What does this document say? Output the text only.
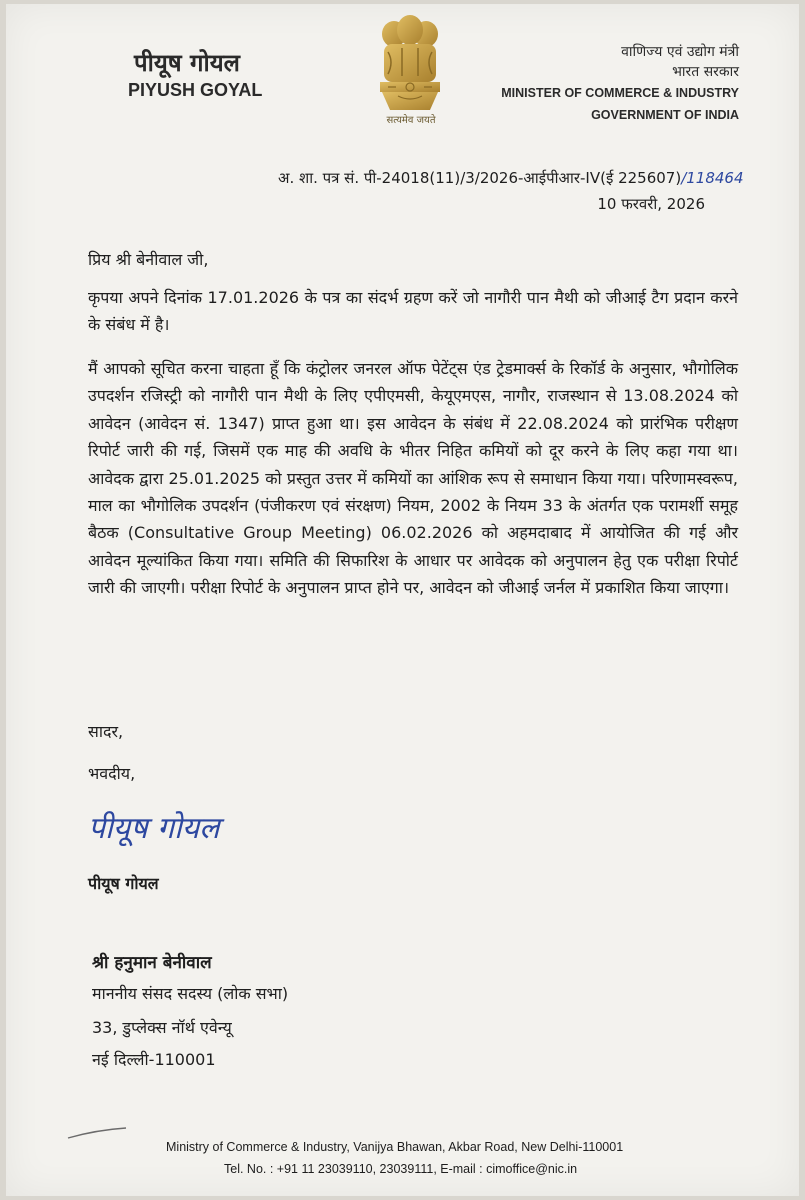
पीयूष गोयल
PIYUSH GOYAL
सत्यमेव जयते
वाणिज्य एवं उद्योग मंत्री
भारत सरकार
MINISTER OF COMMERCE & INDUSTRY
GOVERNMENT OF INDIA
अ. शा. पत्र सं. पी-24018(11)/3/2026-आईपीआर-IV(ई 225607)/118464
10 फरवरी, 2026
प्रिय श्री बेनीवाल जी,
कृपया अपने दिनांक 17.01.2026 के पत्र का संदर्भ ग्रहण करें जो नागौरी पान मैथी को जीआई टैग प्रदान करने के संबंध में है।
मैं आपको सूचित करना चाहता हूँ कि कंट्रोलर जनरल ऑफ पेटेंट्स एंड ट्रेडमार्क्स के रिकॉर्ड के अनुसार, भौगोलिक उपदर्शन रजिस्ट्री को नागौरी पान मैथी के लिए एपीएमसी, केयूएमएस, नागौर, राजस्थान से 13.08.2024 को आवेदन (आवेदन सं. 1347) प्राप्त हुआ था। इस आवेदन के संबंध में 22.08.2024 को प्रारंभिक परीक्षण रिपोर्ट जारी की गई, जिसमें एक माह की अवधि के भीतर निहित कमियों को दूर करने के लिए कहा गया था। आवेदक द्वारा 25.01.2025 को प्रस्तुत उत्तर में कमियों का आंशिक रूप से समाधान किया गया। परिणामस्वरूप, माल का भौगोलिक उपदर्शन (पंजीकरण एवं संरक्षण) नियम, 2002 के नियम 33 के अंतर्गत एक परामर्शी समूह बैठक (Consultative Group Meeting) 06.02.2026 को अहमदाबाद में आयोजित की गई और आवेदन मूल्यांकित किया गया। समिति की सिफारिश के आधार पर आवेदक को अनुपालन हेतु एक परीक्षा रिपोर्ट जारी की जाएगी। परीक्षा रिपोर्ट के अनुपालन प्राप्त होने पर, आवेदन को जीआई जर्नल में प्रकाशित किया जाएगा।
सादर,
भवदीय,
पीयूष गोयल
पीयूष गोयल
श्री हनुमान बेनीवाल
माननीय संसद सदस्य (लोक सभा)
33, डुप्लेक्स नॉर्थ एवेन्यू
नई दिल्ली-110001
Ministry of Commerce & Industry, Vanijya Bhawan, Akbar Road, New Delhi-110001
Tel. No. : +91 11 23039110, 23039111, E-mail : cimoffice@nic.in
